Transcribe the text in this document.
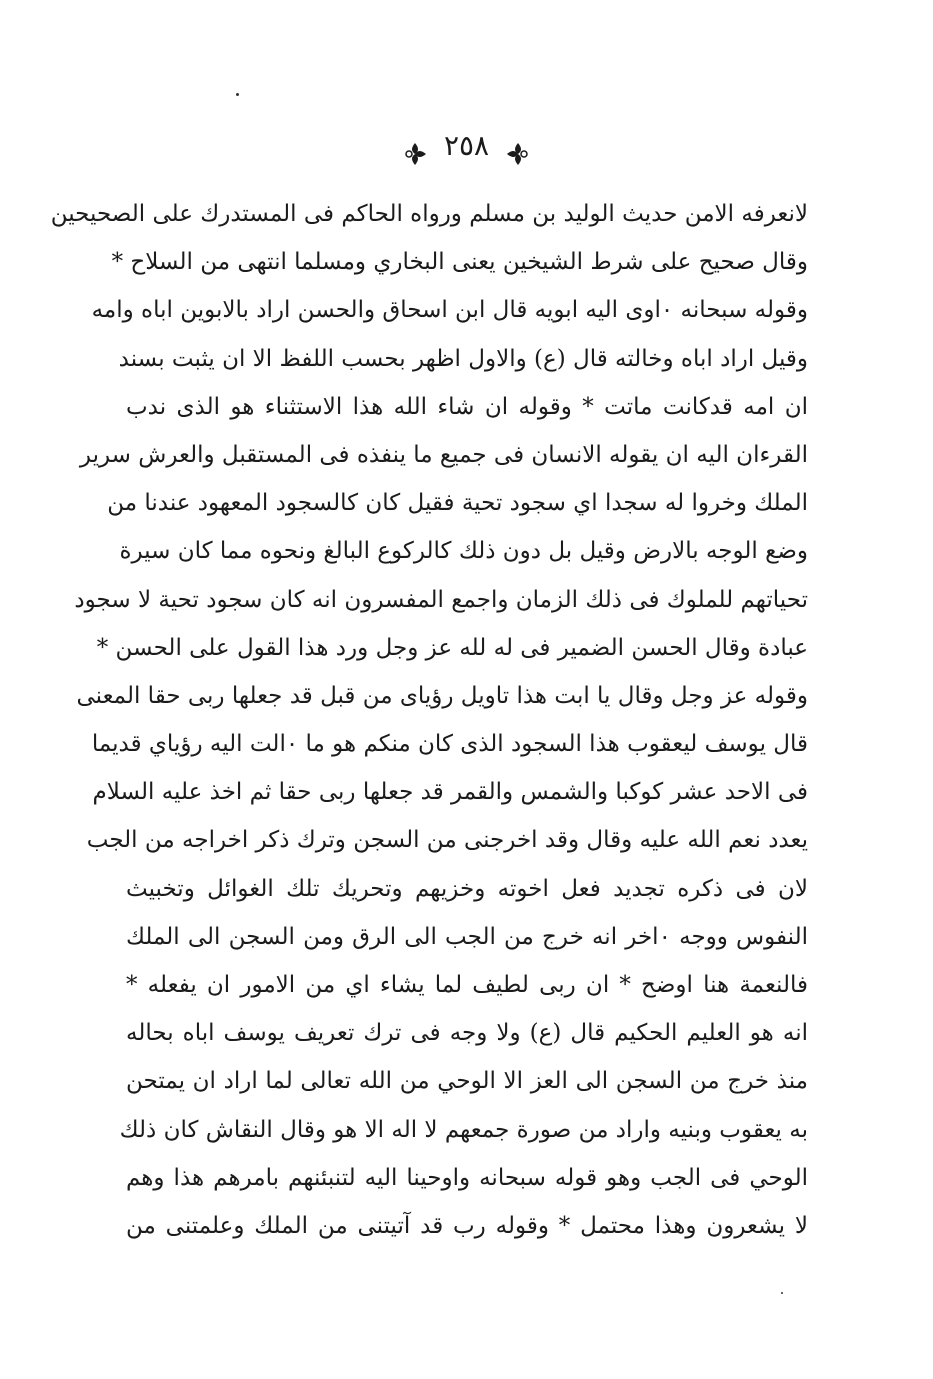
٢٥٨
لانعرفه الامن حديث الوليد بن مسلم ورواه الحاكم فى المستدرك على الصحيحين
وقال صحيح على شرط الشيخين يعنى البخاري ومسلما انتهى من السلاح *
وقوله سبحانه ٠اوى اليه ابويه قال ابن اسحاق والحسن اراد بالابوين اباه وامه
وقيل اراد اباه وخالته قال (ع) والاول اظهر بحسب اللفظ الا ان يثبت بسند
ان امه قدكانت ماتت * وقوله ان شاء الله هذا الاستثناء هو الذى ندب
القرءان اليه ان يقوله الانسان فى جميع ما ينفذه فى المستقبل والعرش سرير
الملك وخروا له سجدا اي سجود تحية فقيل كان كالسجود المعهود عندنا من
وضع الوجه بالارض وقيل بل دون ذلك كالركوع البالغ ونحوه مما كان سيرة
تحياتهم للملوك فى ذلك الزمان واجمع المفسرون انه كان سجود تحية لا سجود
عبادة وقال الحسن الضمير فى له لله عز وجل ورد هذا القول على الحسن *
وقوله عز وجل وقال يا ابت هذا تاويل رؤياى من قبل قد جعلها ربى حقا المعنى
قال يوسف ليعقوب هذا السجود الذى كان منكم هو ما ٠الت اليه رؤياي قديما
فى الاحد عشر كوكبا والشمس والقمر قد جعلها ربى حقا ثم اخذ عليه السلام
يعدد نعم الله عليه وقال وقد اخرجنى من السجن وترك ذكر اخراجه من الجب
لان فى ذكره تجديد فعل اخوته وخزيهم وتحريك تلك الغوائل وتخبيث
النفوس ووجه ٠اخر انه خرج من الجب الى الرق ومن السجن الى الملك
فالنعمة هنا اوضح * ان ربى لطيف لما يشاء اي من الامور ان يفعله *
انه هو العليم الحكيم قال (ع) ولا وجه فى ترك تعريف يوسف اباه بحاله
منذ خرج من السجن الى العز الا الوحي من الله تعالى لما اراد ان يمتحن
به يعقوب وبنيه واراد من صورة جمعهم لا اله الا هو وقال النقاش كان ذلك
الوحي فى الجب وهو قوله سبحانه واوحينا اليه لتنبئنهم بامرهم هذا وهم
لا يشعرون وهذا محتمل * وقوله رب قد آتيتنى من الملك وعلمتنى من
